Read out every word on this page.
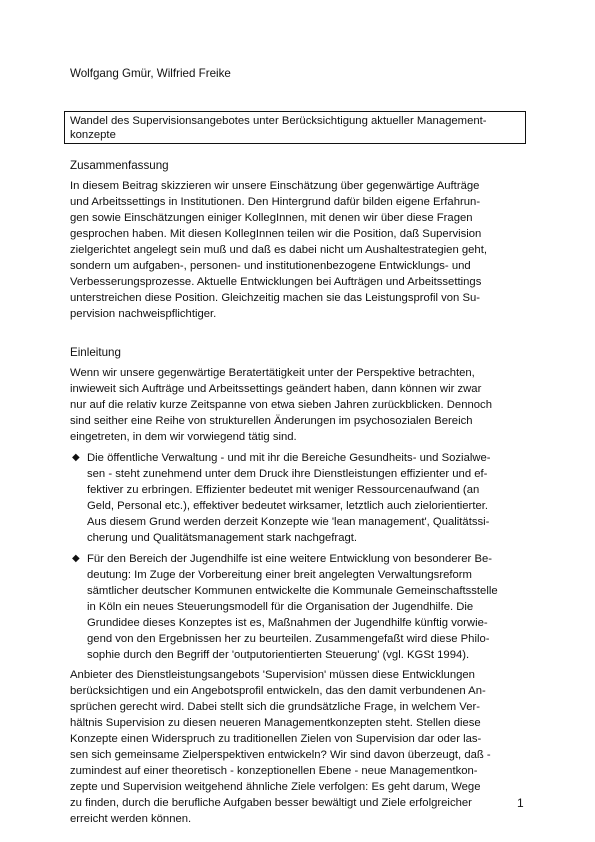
Wolfgang Gmür, Wilfried Freike
Wandel des Supervisionsangebotes unter Berücksichtigung aktueller Management-
konzepte
Zusammenfassung
In diesem Beitrag skizzieren wir unsere Einschätzung über gegenwärtige Aufträge
und Arbeitssettings in Institutionen. Den Hintergrund dafür bilden eigene Erfahrun-
gen sowie Einschätzungen einiger KollegInnen, mit denen wir über diese Fragen
gesprochen haben. Mit diesen KollegInnen teilen wir die Position, daß Supervision
zielgerichtet angelegt sein muß und daß es dabei nicht um Aushaltestrategien geht,
sondern um aufgaben-, personen- und institutionenbezogene Entwicklungs- und
Verbesserungsprozesse. Aktuelle Entwicklungen bei Aufträgen und Arbeitssettings
unterstreichen diese Position. Gleichzeitig machen sie das Leistungsprofil von Su-
pervision nachweispflichtiger.
Einleitung
Wenn wir unsere gegenwärtige Beratertätigkeit unter der Perspektive betrachten,
inwieweit sich Aufträge und Arbeitssettings geändert haben, dann können wir zwar
nur auf die relativ kurze Zeitspanne von etwa sieben Jahren zurückblicken. Dennoch
sind seither eine Reihe von strukturellen Änderungen im psychosozialen Bereich
eingetreten, in dem wir vorwiegend tätig sind.
◆ Die öffentliche Verwaltung - und mit ihr die Bereiche Gesundheits- und Sozialwe-
sen - steht zunehmend unter dem Druck ihre Dienstleistungen effizienter und ef-
fektiver zu erbringen. Effizienter bedeutet mit weniger Ressourcenaufwand (an
Geld, Personal etc.), effektiver bedeutet wirksamer, letztlich auch zielorientierter.
Aus diesem Grund werden derzeit Konzepte wie 'lean management', Qualitätssi-
cherung und Qualitätsmanagement stark nachgefragt.
◆ Für den Bereich der Jugendhilfe ist eine weitere Entwicklung von besonderer Be-
deutung: Im Zuge der Vorbereitung einer breit angelegten Verwaltungsreform
sämtlicher deutscher Kommunen entwickelte die Kommunale Gemeinschaftsstelle
in Köln ein neues Steuerungsmodell für die Organisation der Jugendhilfe. Die
Grundidee dieses Konzeptes ist es, Maßnahmen der Jugendhilfe künftig vorwie-
gend von den Ergebnissen her zu beurteilen. Zusammengefaßt wird diese Philo-
sophie durch den Begriff der 'outputorientierten Steuerung' (vgl. KGSt 1994).
Anbieter des Dienstleistungsangebots 'Supervision' müssen diese Entwicklungen
berücksichtigen und ein Angebotsprofil entwickeln, das den damit verbundenen An-
sprüchen gerecht wird. Dabei stellt sich die grundsätzliche Frage, in welchem Ver-
hältnis Supervision zu diesen neueren Managementkonzepten steht. Stellen diese
Konzepte einen Widerspruch zu traditionellen Zielen von Supervision dar oder las-
sen sich gemeinsame Zielperspektiven entwickeln? Wir sind davon überzeugt, daß -
zumindest auf einer theoretisch - konzeptionellen Ebene - neue Managementkon-
zepte und Supervision weitgehend ähnliche Ziele verfolgen: Es geht darum, Wege
zu finden, durch die berufliche Aufgaben besser bewältigt und Ziele erfolgreicher
erreicht werden können.
1
